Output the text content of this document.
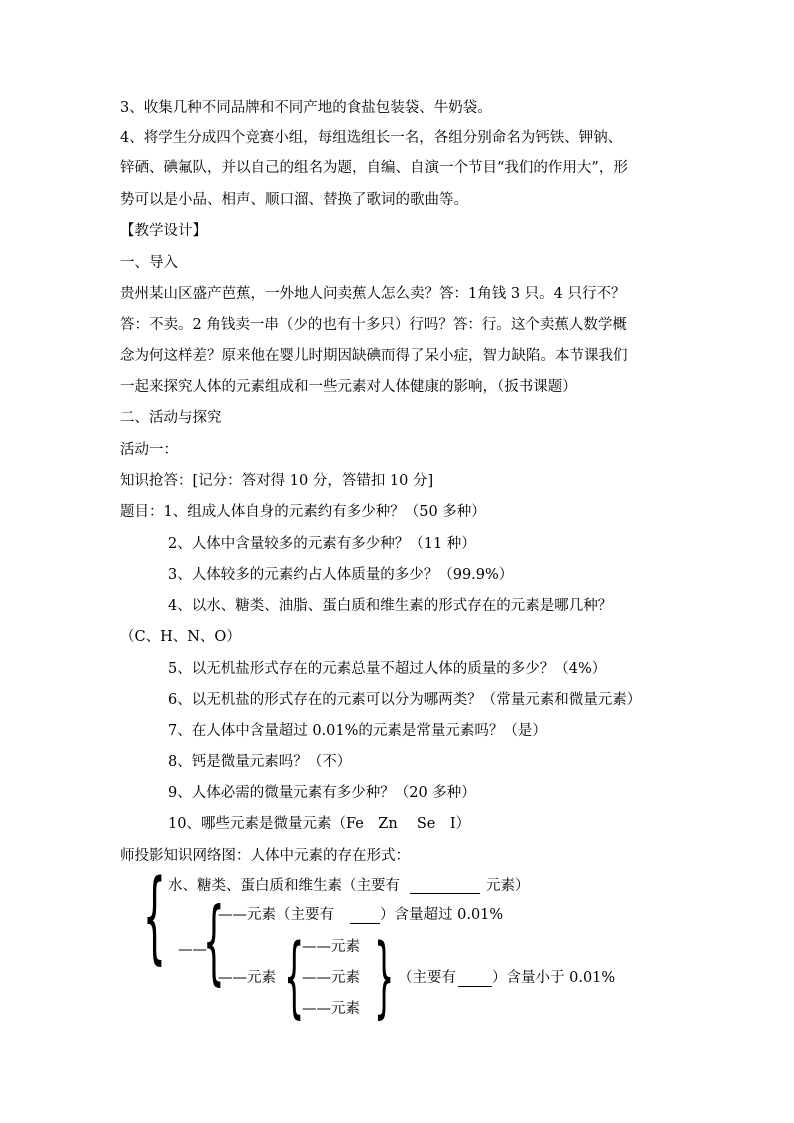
3、收集几种不同品牌和不同产地的食盐包装袋、牛奶袋。
4、将学生分成四个竞赛小组，每组选组长一名，各组分别命名为钙铁、钾钠、
锌硒、碘氟队，并以自己的组名为题，自编、自演一个节目“我们的作用大”，形
势可以是小品、相声、顺口溜、替换了歌词的歌曲等。
【教学设计】
一、导入
贵州某山区盛产芭蕉，一外地人问卖蕉人怎么卖？答：1角钱 3 只。4 只行不？
答：不卖。2 角钱卖一串（少的也有十多只）行吗？答：行。这个卖蕉人数学概
念为何这样差？原来他在婴儿时期因缺碘而得了呆小症，智力缺陷。本节课我们
一起来探究人体的元素组成和一些元素对人体健康的影响，（扳书课题）
二、活动与探究
活动一：
知识抢答：[记分：答对得 10 分，答错扣 10 分]
题目：1、组成人体自身的元素约有多少种？（50 多种）
2、人体中含量较多的元素有多少种？（11 种）
3、人体较多的元素约占人体质量的多少？（99.9%）
4、以水、糖类、油脂、蛋白质和维生素的形式存在的元素是哪几种？
（C、H、N、O）
5、以无机盐形式存在的元素总量不超过人体的质量的多少？（4%）
6、以无机盐的形式存在的元素可以分为哪两类？（常量元素和微量元素）
7、在人体中含量超过 0.01%的元素是常量元素吗？（是）
8、钙是微量元素吗？（不）
9、人体必需的微量元素有多少种？（20 多种）
10、哪些元素是微量元素（Fe　Zn　 Se　I）
师投影知识网络图：人体中元素的存在形式：
{ 水、糖类、蛋白质和维生素（主要有	元素）
——
{
——元素（主要有	）含量超过 0.01%
——元素 {
——元素
——元素
——元素 } （主要有 ）含量小于 0.01%
